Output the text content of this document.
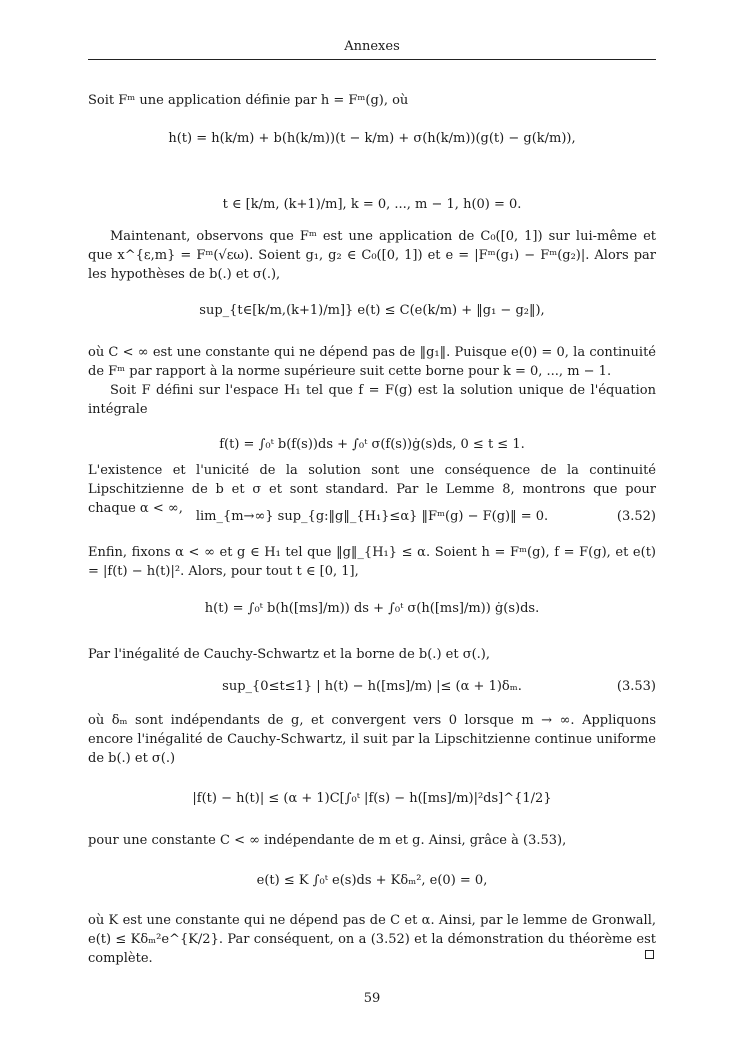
Annexes
Soit Fᵐ une application définie par h = Fᵐ(g), où
h(t) = h(k/m) + b(h(k/m))(t − k/m) + σ(h(k/m))(g(t) − g(k/m)),
t ∈ [k/m, (k+1)/m], k = 0, ..., m − 1, h(0) = 0.
Maintenant, observons que Fᵐ est une application de C₀([0, 1]) sur lui-même et que x^{ε,m} = Fᵐ(√εω). Soient g₁, g₂ ∈ C₀([0, 1]) et e = |Fᵐ(g₁) − Fᵐ(g₂)|. Alors par les hypothèses de b(.) et σ(.),
sup_{t∈[k/m,(k+1)/m]} e(t) ≤ C(e(k/m) + ‖g₁ − g₂‖),
où C < ∞ est une constante qui ne dépend pas de ‖g₁‖. Puisque e(0) = 0, la continuité de Fᵐ par rapport à la norme supérieure suit cette borne pour k = 0, ..., m − 1.
Soit F défini sur l'espace H₁ tel que f = F(g) est la solution unique de l'équation intégrale
f(t) = ∫₀ᵗ b(f(s))ds + ∫₀ᵗ σ(f(s))ġ(s)ds, 0 ≤ t ≤ 1.
L'existence et l'unicité de la solution sont une conséquence de la continuité Lipschitzienne de b et σ et sont standard. Par le Lemme 8, montrons que pour chaque α < ∞,
lim_{m→∞} sup_{g:‖g‖_{H₁}≤α} ‖Fᵐ(g) − F(g)‖ = 0.	(3.52)
Enfin, fixons α < ∞ et g ∈ H₁ tel que ‖g‖_{H₁} ≤ α. Soient h = Fᵐ(g), f = F(g), et e(t) = |f(t) − h(t)|². Alors, pour tout t ∈ [0, 1],
h(t) = ∫₀ᵗ b(h([ms]/m)) ds + ∫₀ᵗ σ(h([ms]/m)) ġ(s)ds.
Par l'inégalité de Cauchy-Schwartz et la borne de b(.) et σ(.),
sup_{0≤t≤1} | h(t) − h([ms]/m) |≤ (α + 1)δₘ.	(3.53)
où δₘ sont indépendants de g, et convergent vers 0 lorsque m → ∞. Appliquons encore l'inégalité de Cauchy-Schwartz, il suit par la Lipschitzienne continue uniforme de b(.) et σ(.)
|f(t) − h(t)| ≤ (α + 1)C[∫₀ᵗ |f(s) − h([ms]/m)|²ds]^{1/2}
pour une constante C < ∞ indépendante de m et g. Ainsi, grâce à (3.53),
e(t) ≤ K ∫₀ᵗ e(s)ds + Kδₘ², e(0) = 0,
où K est une constante qui ne dépend pas de C et α. Ainsi, par le lemme de Gronwall, e(t) ≤ Kδₘ²e^{K/2}. Par conséquent, on a (3.52) et la démonstration du théorème est complète.
59
